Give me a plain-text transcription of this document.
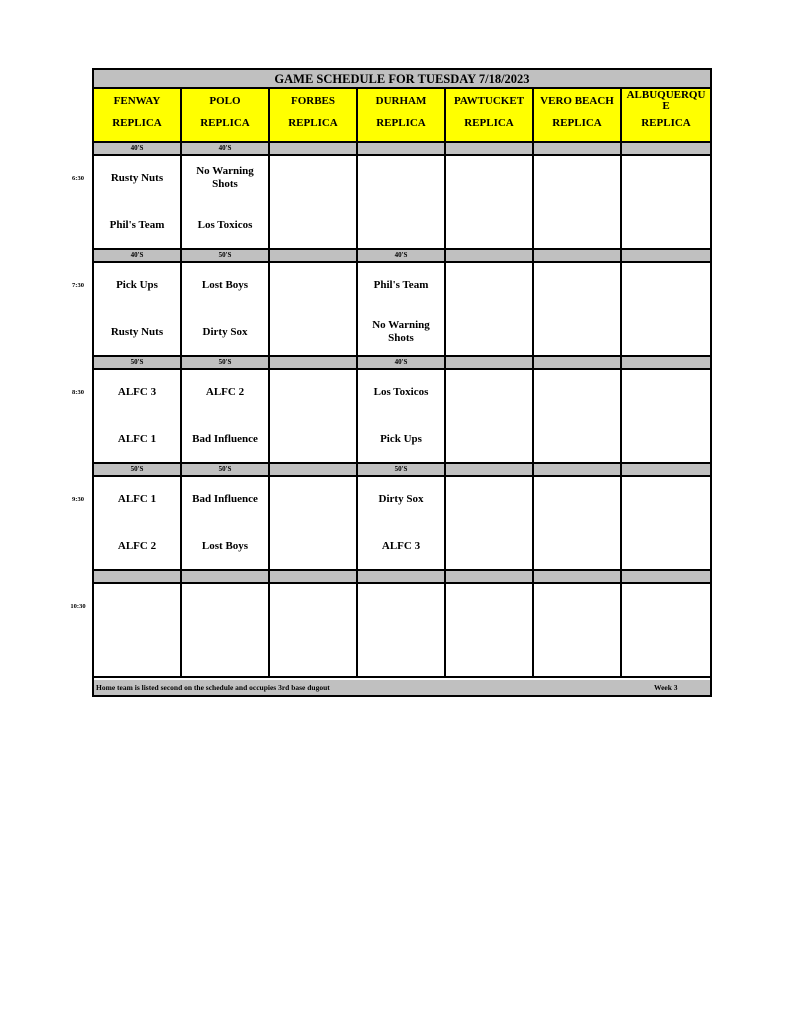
GAME SCHEDULE FOR TUESDAY 7/18/2023
Home team is listed second on the schedule and occupies 3rd base dugout	Week 3
FENWAY
REPLICA
POLO
REPLICA
FORBES
REPLICA
DURHAM
REPLICA
PAWTUCKET
REPLICA
VERO BEACH
REPLICA
ALBUQUERQU
E
REPLICA
40'S
Rusty Nuts
Phil's Team
40'S
No Warning Shots
Los Toxicos
40'S
Pick Ups
Rusty Nuts
50'S
Lost Boys
Dirty Sox
40'S
Phil's Team
No Warning Shots
50'S
ALFC 3
ALFC 1
50'S
ALFC 2
Bad Influence
40'S
Los Toxicos
Pick Ups
50'S
ALFC 1
ALFC 2
50'S
Bad Influence
Lost Boys
50'S
Dirty Sox
ALFC 3
6:30
7:30
8:30
9:30
10:30
